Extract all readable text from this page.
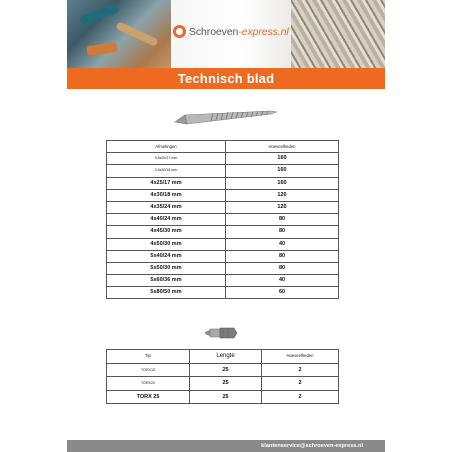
Schroeven-express.nl
Technisch blad
Afmetingen	Hoeveelheden
3,5x25/17 mm	160
3,5x30/18 mm	160
4x25/17 mm	160
4x30/18 mm	120
4x35/24 mm	120
4x40/24 mm	80
4x45/30 mm	80
4x50/30 mm	40
5x40/24 mm	80
5x50/30 mm	80
5x60/36 mm	40
5x80/50 mm	60
Tip	Lengte	Hoeveelheden
TORX15	25	2
TORX20	25	2
TORX 25	25	2
klantenservice@schroeven-express.nl
